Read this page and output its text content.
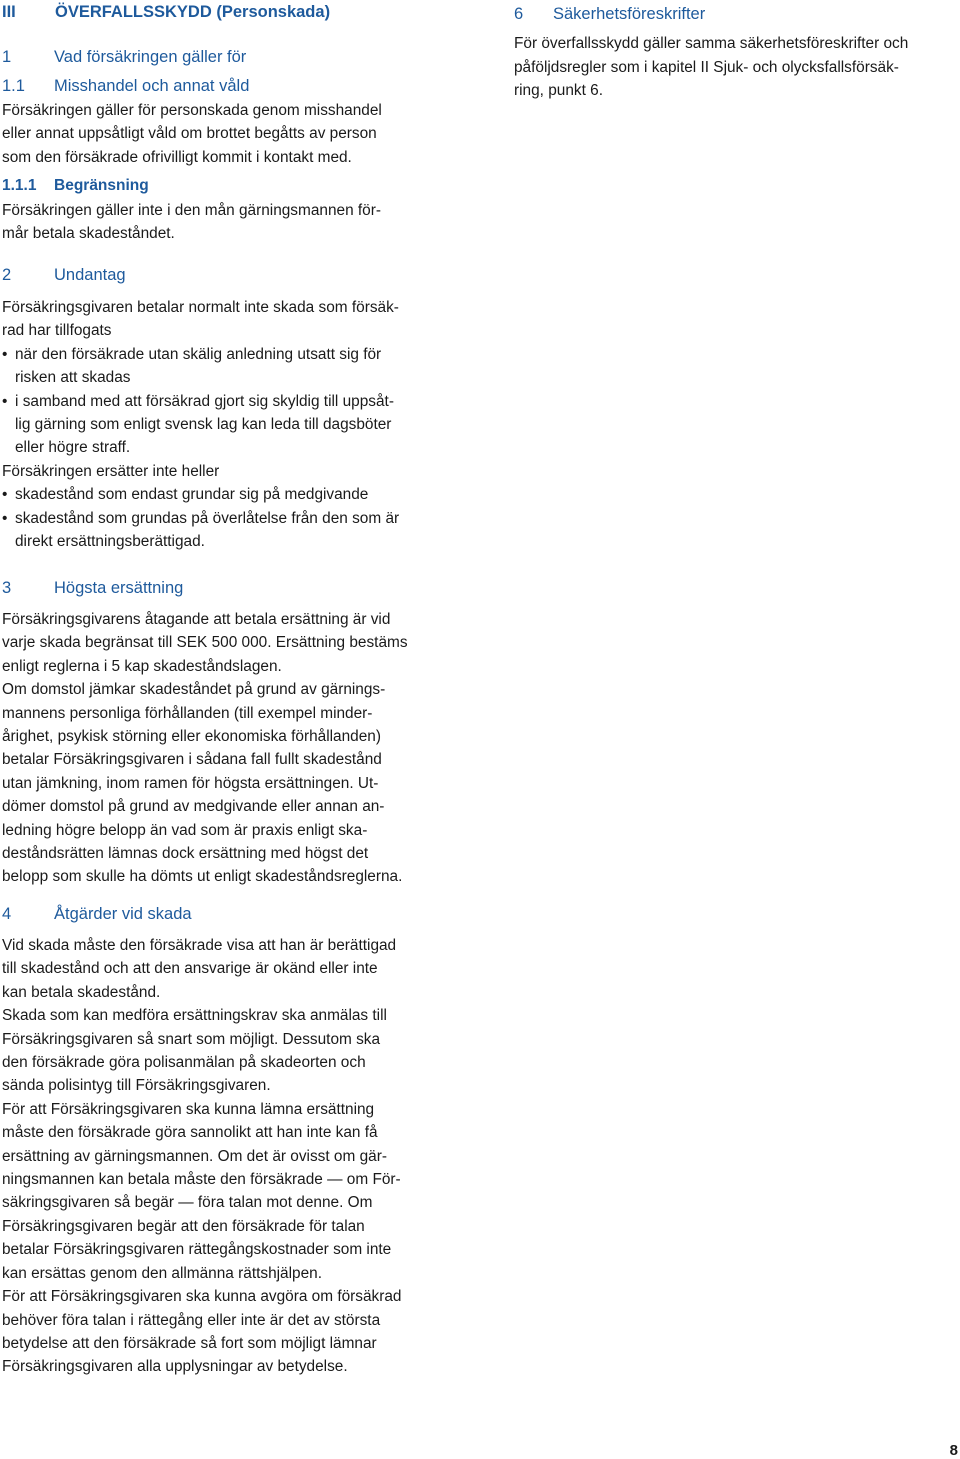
III ÖVERFALLSSKYDD (Personskada)
1	Vad försäkringen gäller för
1.1 Misshandel och annat våld
Försäkringen gäller för personskada genom misshandel
eller annat uppsåtligt våld om brottet begåtts av person
som den försäkrade ofrivilligt kommit i kontakt med.
1.1.1 Begränsning
Försäkringen gäller inte i den mån gärningsmannen för-
mår betala skadeståndet.
2	Undantag
Försäkringsgivaren betalar normalt inte skada som försäk-
rad har tillfogats
• när den försäkrade utan skälig anledning utsatt sig för
risken att skadas
• i samband med att försäkrad gjort sig skyldig till uppsåt-
lig gärning som enligt svensk lag kan leda till dagsböter
eller högre straff.
Försäkringen ersätter inte heller
• skadestånd som endast grundar sig på medgivande
• skadestånd som grundas på överlåtelse från den som är
direkt ersättningsberättigad.
3	Högsta ersättning
Försäkringsgivarens åtagande att betala ersättning är vid
varje skada begränsat till SEK 500 000. Ersättning bestäms
enligt reglerna i 5 kap skadeståndslagen.
Om domstol jämkar skadeståndet på grund av gärnings-
mannens personliga förhållanden (till exempel minder-
årighet, psykisk störning eller ekonomiska förhållanden)
betalar Försäkringsgivaren i sådana fall fullt skadestånd
utan jämkning, inom ramen för högsta ersättningen. Ut-
dömer domstol på grund av medgivande eller annan an-
ledning högre belopp än vad som är praxis enligt ska-
deståndsrätten lämnas dock ersättning med högst det
belopp som skulle ha dömts ut enligt skadeståndsreglerna.
4	Åtgärder vid skada
Vid skada måste den försäkrade visa att han är berättigad
till skadestånd och att den ansvarige är okänd eller inte
kan betala skadestånd.
Skada som kan medföra ersättningskrav ska anmälas till
Försäkringsgivaren så snart som möjligt. Dessutom ska
den försäkrade göra polisanmälan på skadeorten och
sända polisintyg till Försäkringsgivaren.
För att Försäkringsgivaren ska kunna lämna ersättning
måste den försäkrade göra sannolikt att han inte kan få
ersättning av gärningsmannen. Om det är ovisst om gär-
ningsmannen kan betala måste den försäkrade — om För-
säkringsgivaren så begär — föra talan mot denne. Om
Försäkringsgivaren begär att den försäkrade för talan
betalar Försäkringsgivaren rättegångskostnader som inte
kan ersättas genom den allmänna rättshjälpen.
För att Försäkringsgivaren ska kunna avgöra om försäkrad
behöver föra talan i rättegång eller inte är det av största
betydelse att den försäkrade så fort som möjligt lämnar
Försäkringsgivaren alla upplysningar av betydelse.
6 Säkerhetsföreskrifter
För överfallsskydd gäller samma säkerhetsföreskrifter och
påföljdsregler som i kapitel II Sjuk- och olycksfallsförsäk-
ring, punkt 6.
8
